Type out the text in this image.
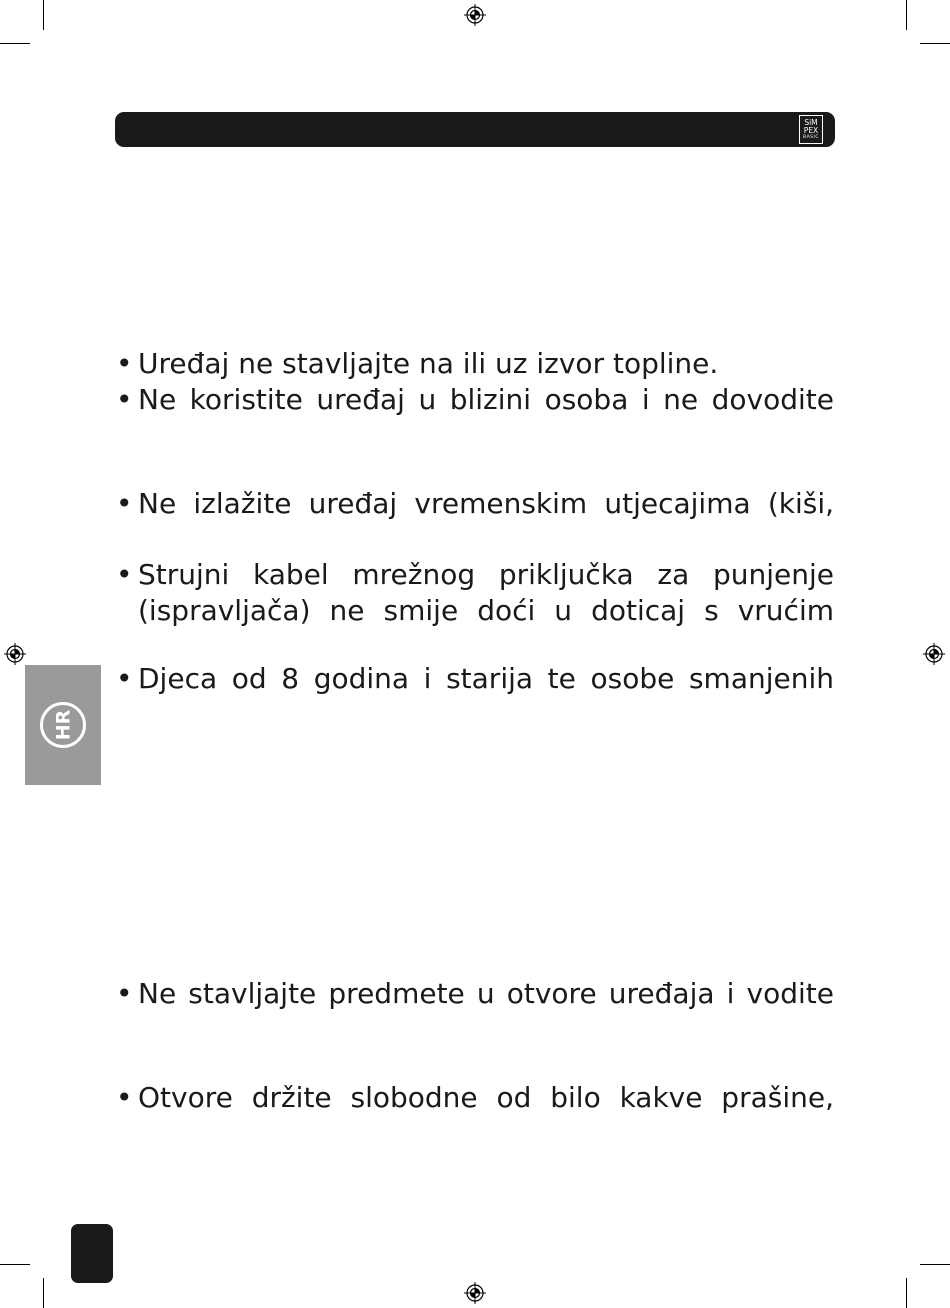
SiM
PEX
BASIC
HR
• Uređaj ne stavljajte na ili uz izvor topline.
• Ne koristite uređaj u blizini osoba i ne dovodite
• Ne izlažite uređaj vremenskim utjecajima (kiši,
• Strujni kabel mrežnog priključka za punjenje
(ispravljača) ne smije doći u doticaj s vrućim
• Djeca od 8 godina i starija te osobe smanjenih
• Ne stavljajte predmete u otvore uređaja i vodite
• Otvore držite slobodne od bilo kakve prašine,
